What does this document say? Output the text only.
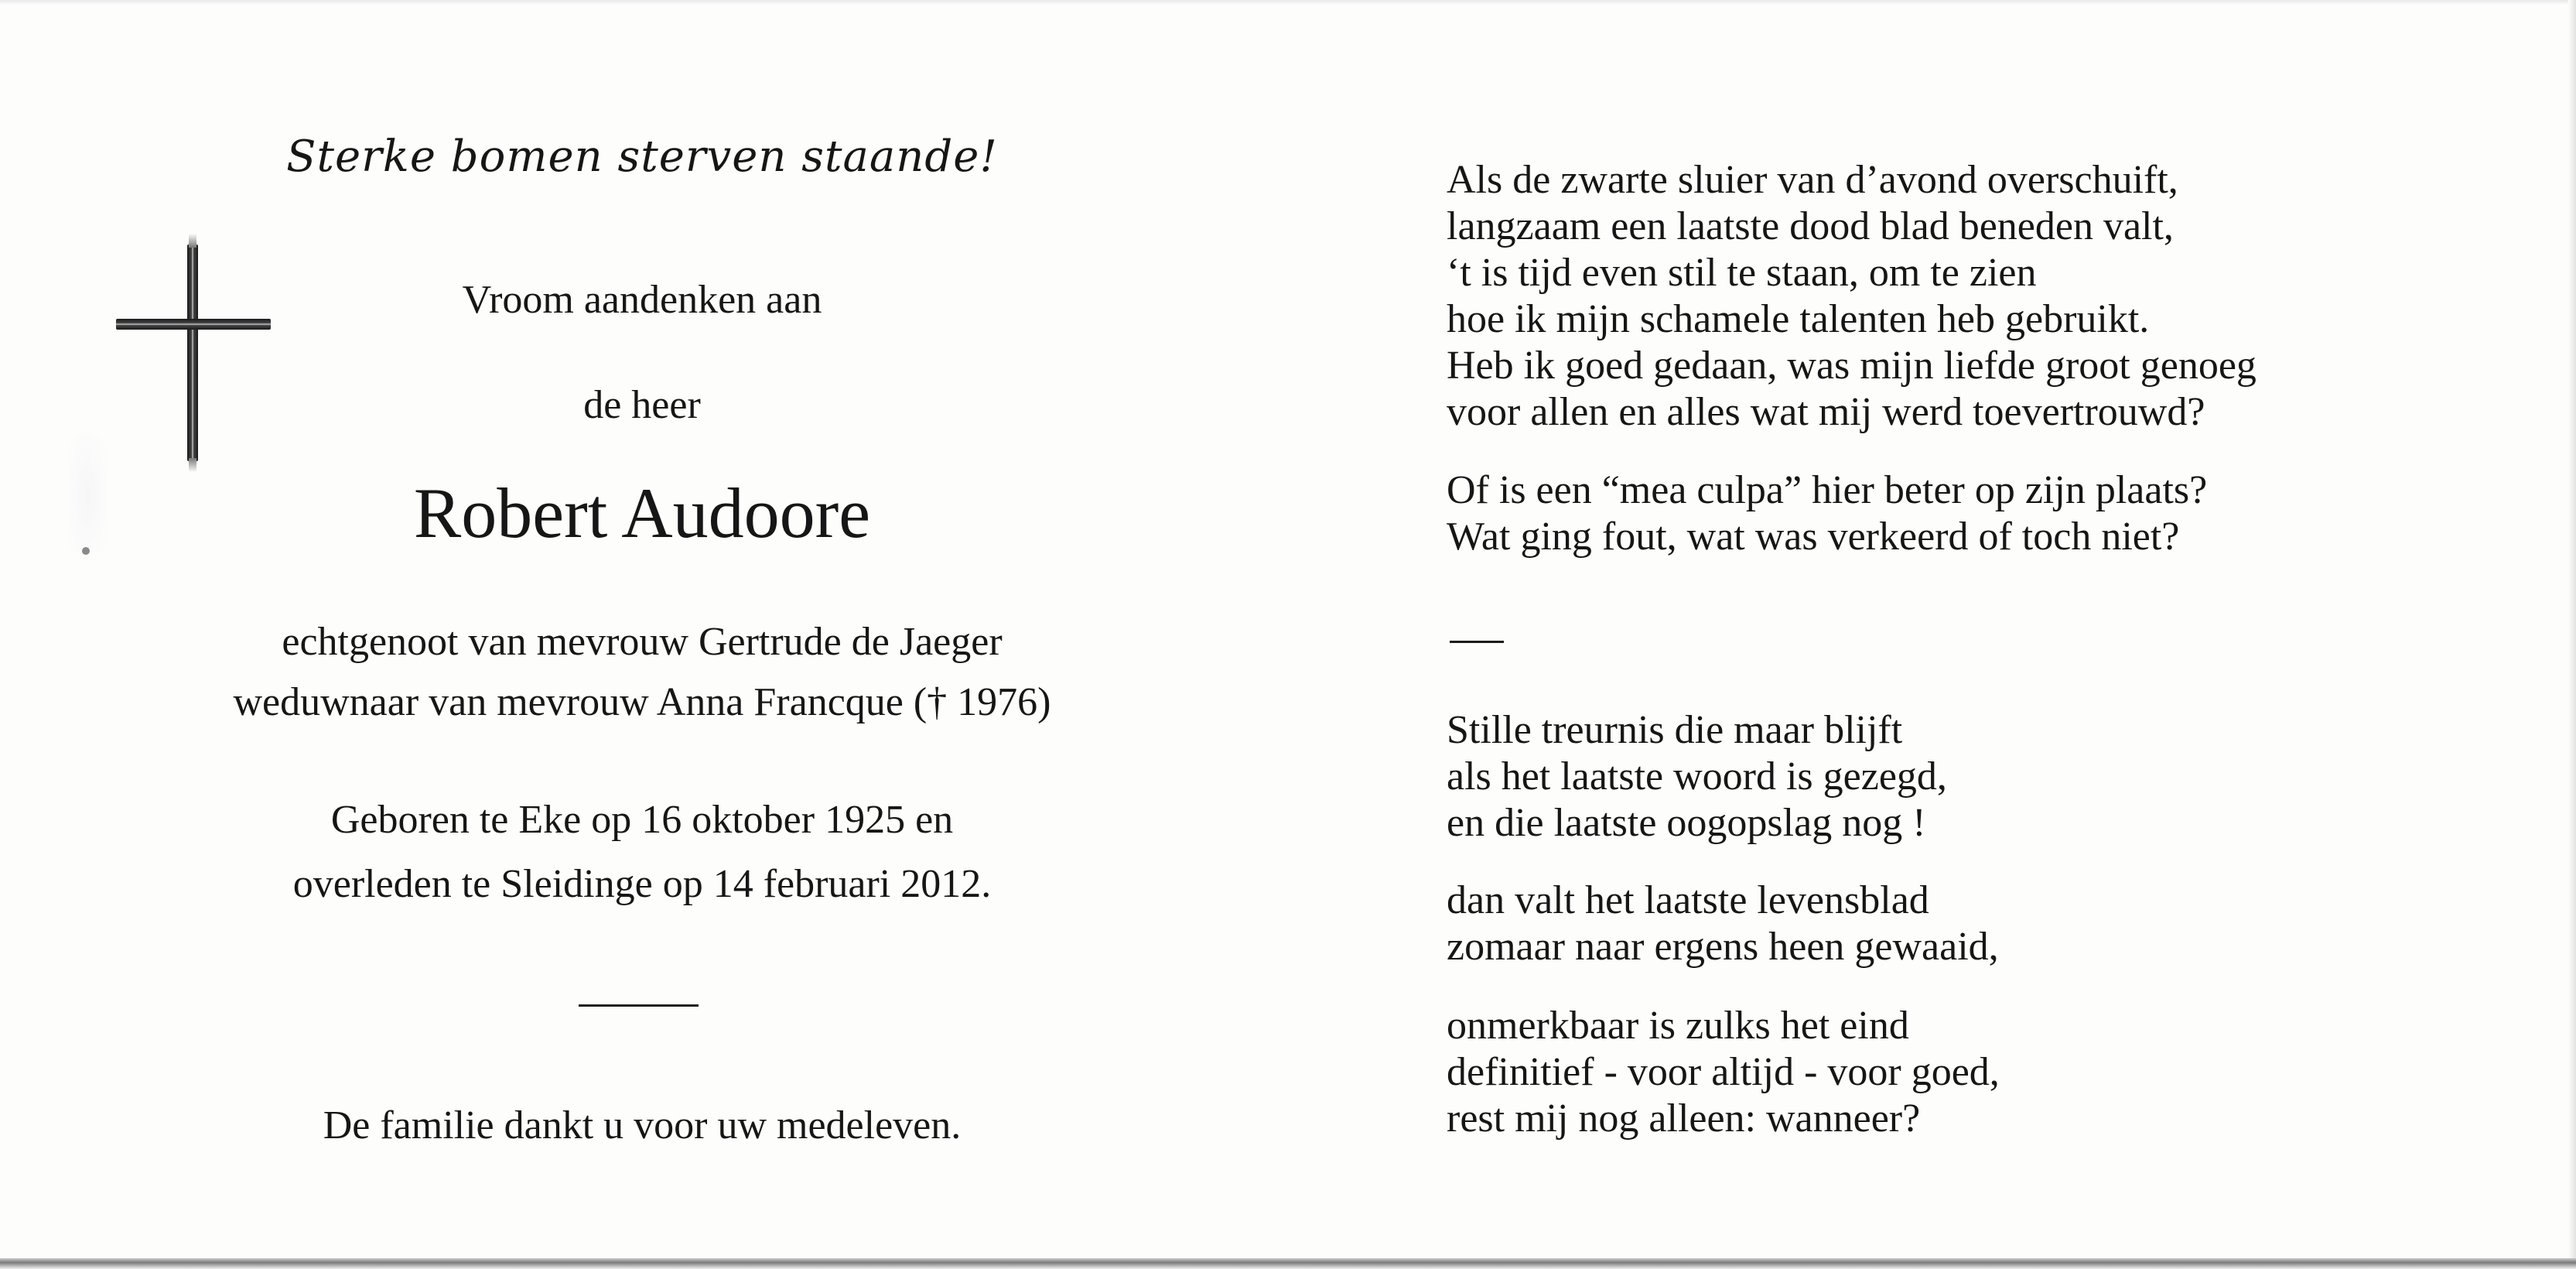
Sterke bomen sterven staande!
Vroom aandenken aan
de heer
Robert Audoore
echtgenoot van mevrouw Gertrude de Jaeger
weduwnaar van mevrouw Anna Francque († 1976)
Geboren te Eke op 16 oktober 1925 en
overleden te Sleidinge op 14 februari 2012.
De familie dankt u voor uw medeleven.
Als de zwarte sluier van d’avond overschuift,
langzaam een laatste dood blad beneden valt,
‘t is tijd even stil te staan, om te zien
hoe ik mijn schamele talenten heb gebruikt.
Heb ik goed gedaan, was mijn liefde groot genoeg
voor allen en alles wat mij werd toevertrouwd?
Of is een “mea culpa” hier beter op zijn plaats?
Wat ging fout, wat was verkeerd of toch niet?
Stille treurnis die maar blijft
als het laatste woord is gezegd,
en die laatste oogopslag nog !
dan valt het laatste levensblad
zomaar naar ergens heen gewaaid,
onmerkbaar is zulks het eind
definitief - voor altijd - voor goed,
rest mij nog alleen: wanneer?
